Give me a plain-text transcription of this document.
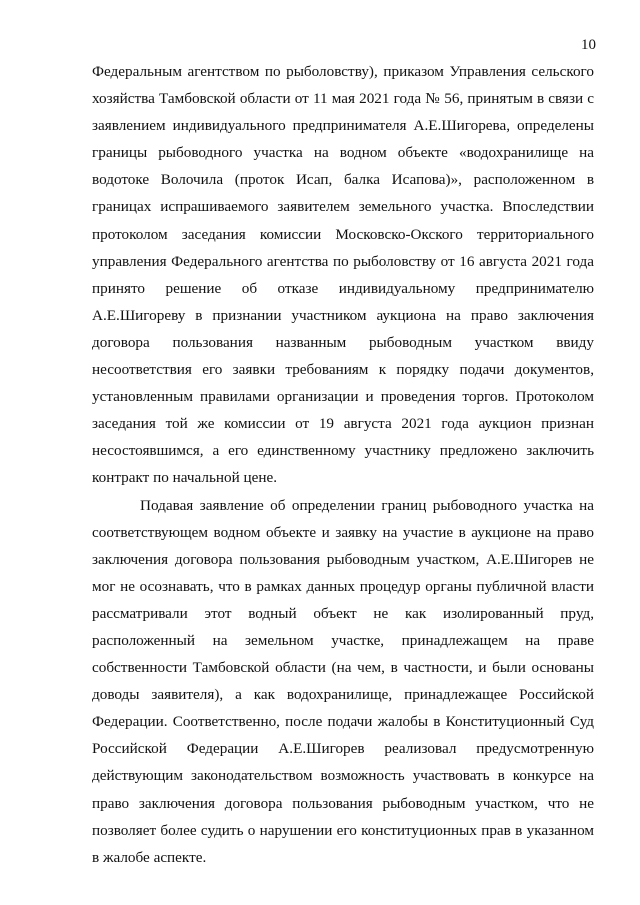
10

Федеральным агентством по рыболовству), приказом Управления сельского хозяйства Тамбовской области от 11 мая 2021 года № 56, принятым в связи с заявлением индивидуального предпринимателя А.Е.Шигорева, определены границы рыбоводного участка на водном объекте «водохранилище на водотоке Волочила (проток Исап, балка Исапова)», расположенном в границах испрашиваемого заявителем земельного участка. Впоследствии протоколом заседания комиссии Московско-Окского территориального управления Федерального агентства по рыболовству от 16 августа 2021 года принято решение об отказе индивидуальному предпринимателю А.Е.Шигореву в признании участником аукциона на право заключения договора пользования названным рыбоводным участком ввиду несоответствия его заявки требованиям к порядку подачи документов, установленным правилами организации и проведения торгов. Протоколом заседания той же комиссии от 19 августа 2021 года аукцион признан несостоявшимся, а его единственному участнику предложено заключить контракт по начальной цене.

Подавая заявление об определении границ рыбоводного участка на соответствующем водном объекте и заявку на участие в аукционе на право заключения договора пользования рыбоводным участком, А.Е.Шигорев не мог не осознавать, что в рамках данных процедур органы публичной власти рассматривали этот водный объект не как изолированный пруд, расположенный на земельном участке, принадлежащем на праве собственности Тамбовской области (на чем, в частности, и были основаны доводы заявителя), а как водохранилище, принадлежащее Российской Федерации. Соответственно, после подачи жалобы в Конституционный Суд Российской Федерации А.Е.Шигорев реализовал предусмотренную действующим законодательством возможность участвовать в конкурсе на право заключения договора пользования рыбоводным участком, что не позволяет более судить о нарушении его конституционных прав в указанном в жалобе аспекте.
